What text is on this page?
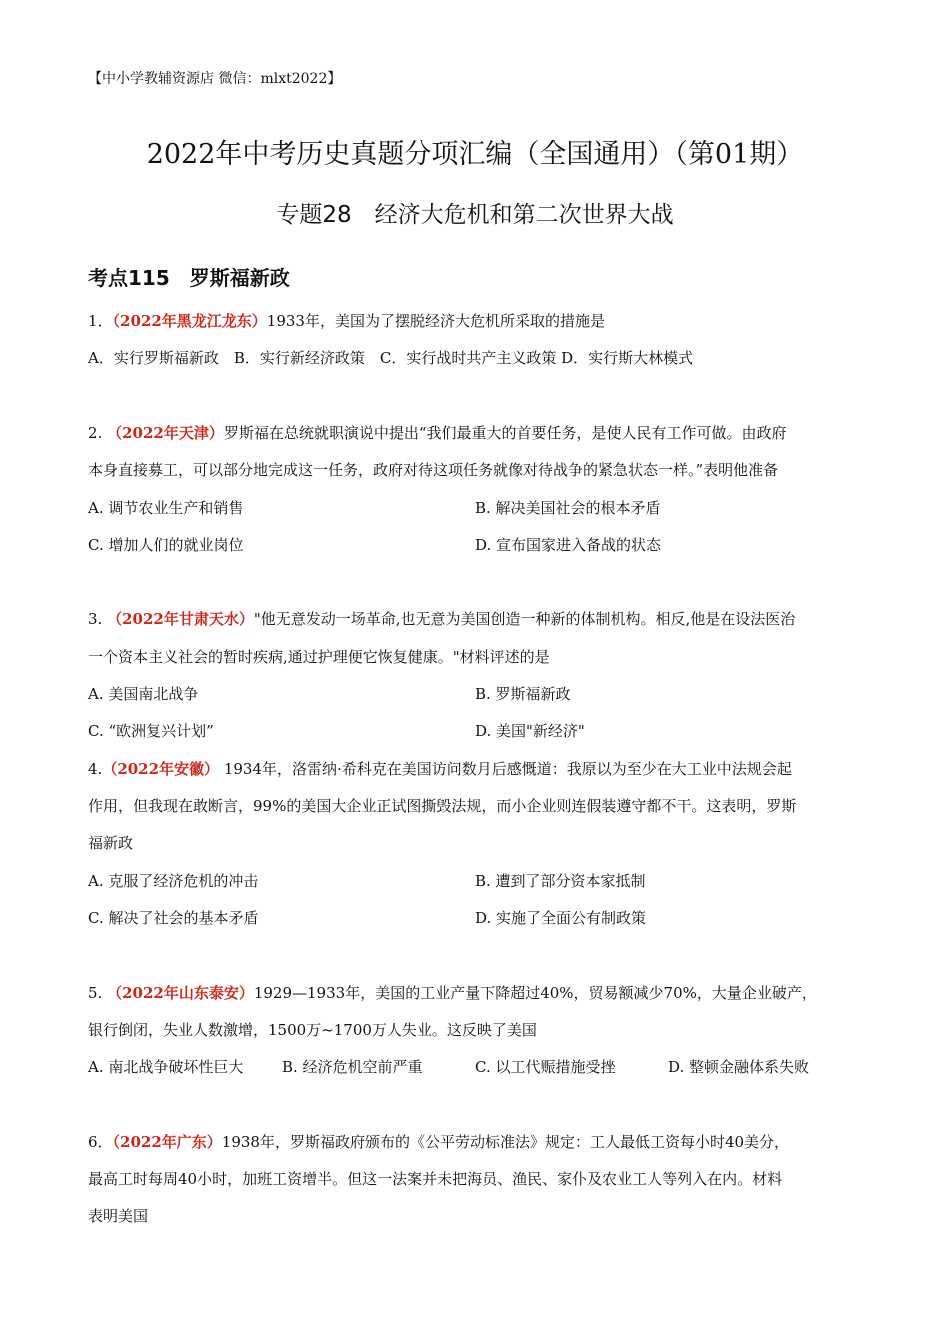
【中小学教辅资源店 微信：mlxt2022】
2022年中考历史真题分项汇编（全国通用）（第01期）
专题28　经济大危机和第二次世界大战
考点115　罗斯福新政
1．（2022年黑龙江龙东）1933年，美国为了摆脱经济大危机所采取的措施是
A．实行罗斯福新政　B．实行新经济政策　C．实行战时共产主义政策 D．实行斯大林模式
2. （2022年天津）罗斯福在总统就职演说中提出“我们最重大的首要任务，是使人民有工作可做。由政府
本身直接募工，可以部分地完成这一任务，政府对待这项任务就像对待战争的紧急状态一样。”表明他准备
A. 调节农业生产和销售	B. 解决美国社会的根本矛盾
C. 增加人们的就业岗位	D. 宣布国家进入备战的状态
3. （2022年甘肃天水）"他无意发动一场革命,也无意为美国创造一种新的体制机构。相反,他是在设法医治
一个资本主义社会的暂时疾病,通过护理便它恢复健康。"材料评述的是
A. 美国南北战争	B. 罗斯福新政
C. “欧洲复兴计划”	D. 美国"新经济"
4.（2022年安徽） 1934年，洛雷纳·希科克在美国访问数月后感慨道：我原以为至少在大工业中法规会起
作用，但我现在敢断言，99%的美国大企业正试图撕毁法规，而小企业则连假装遵守都不干。这表明，罗斯
福新政
A. 克服了经济危机的冲击	B. 遭到了部分资本家抵制
C. 解决了社会的基本矛盾	D. 实施了全面公有制政策
5. （2022年山东泰安）1929—1933年，美国的工业产量下降超过40%，贸易额减少70%，大量企业破产，
银行倒闭，失业人数激增，1500万~1700万人失业。这反映了美国
A. 南北战争破坏性巨大	B. 经济危机空前严重	C. 以工代赈措施受挫	D. 整顿金融体系失败
6．（2022年广东）1938年，罗斯福政府颁布的《公平劳动标准法》规定：工人最低工资每小时40美分，
最高工时每周40小时，加班工资增半。但这一法案并未把海员、渔民、家仆及农业工人等列入在内。材料
表明美国
